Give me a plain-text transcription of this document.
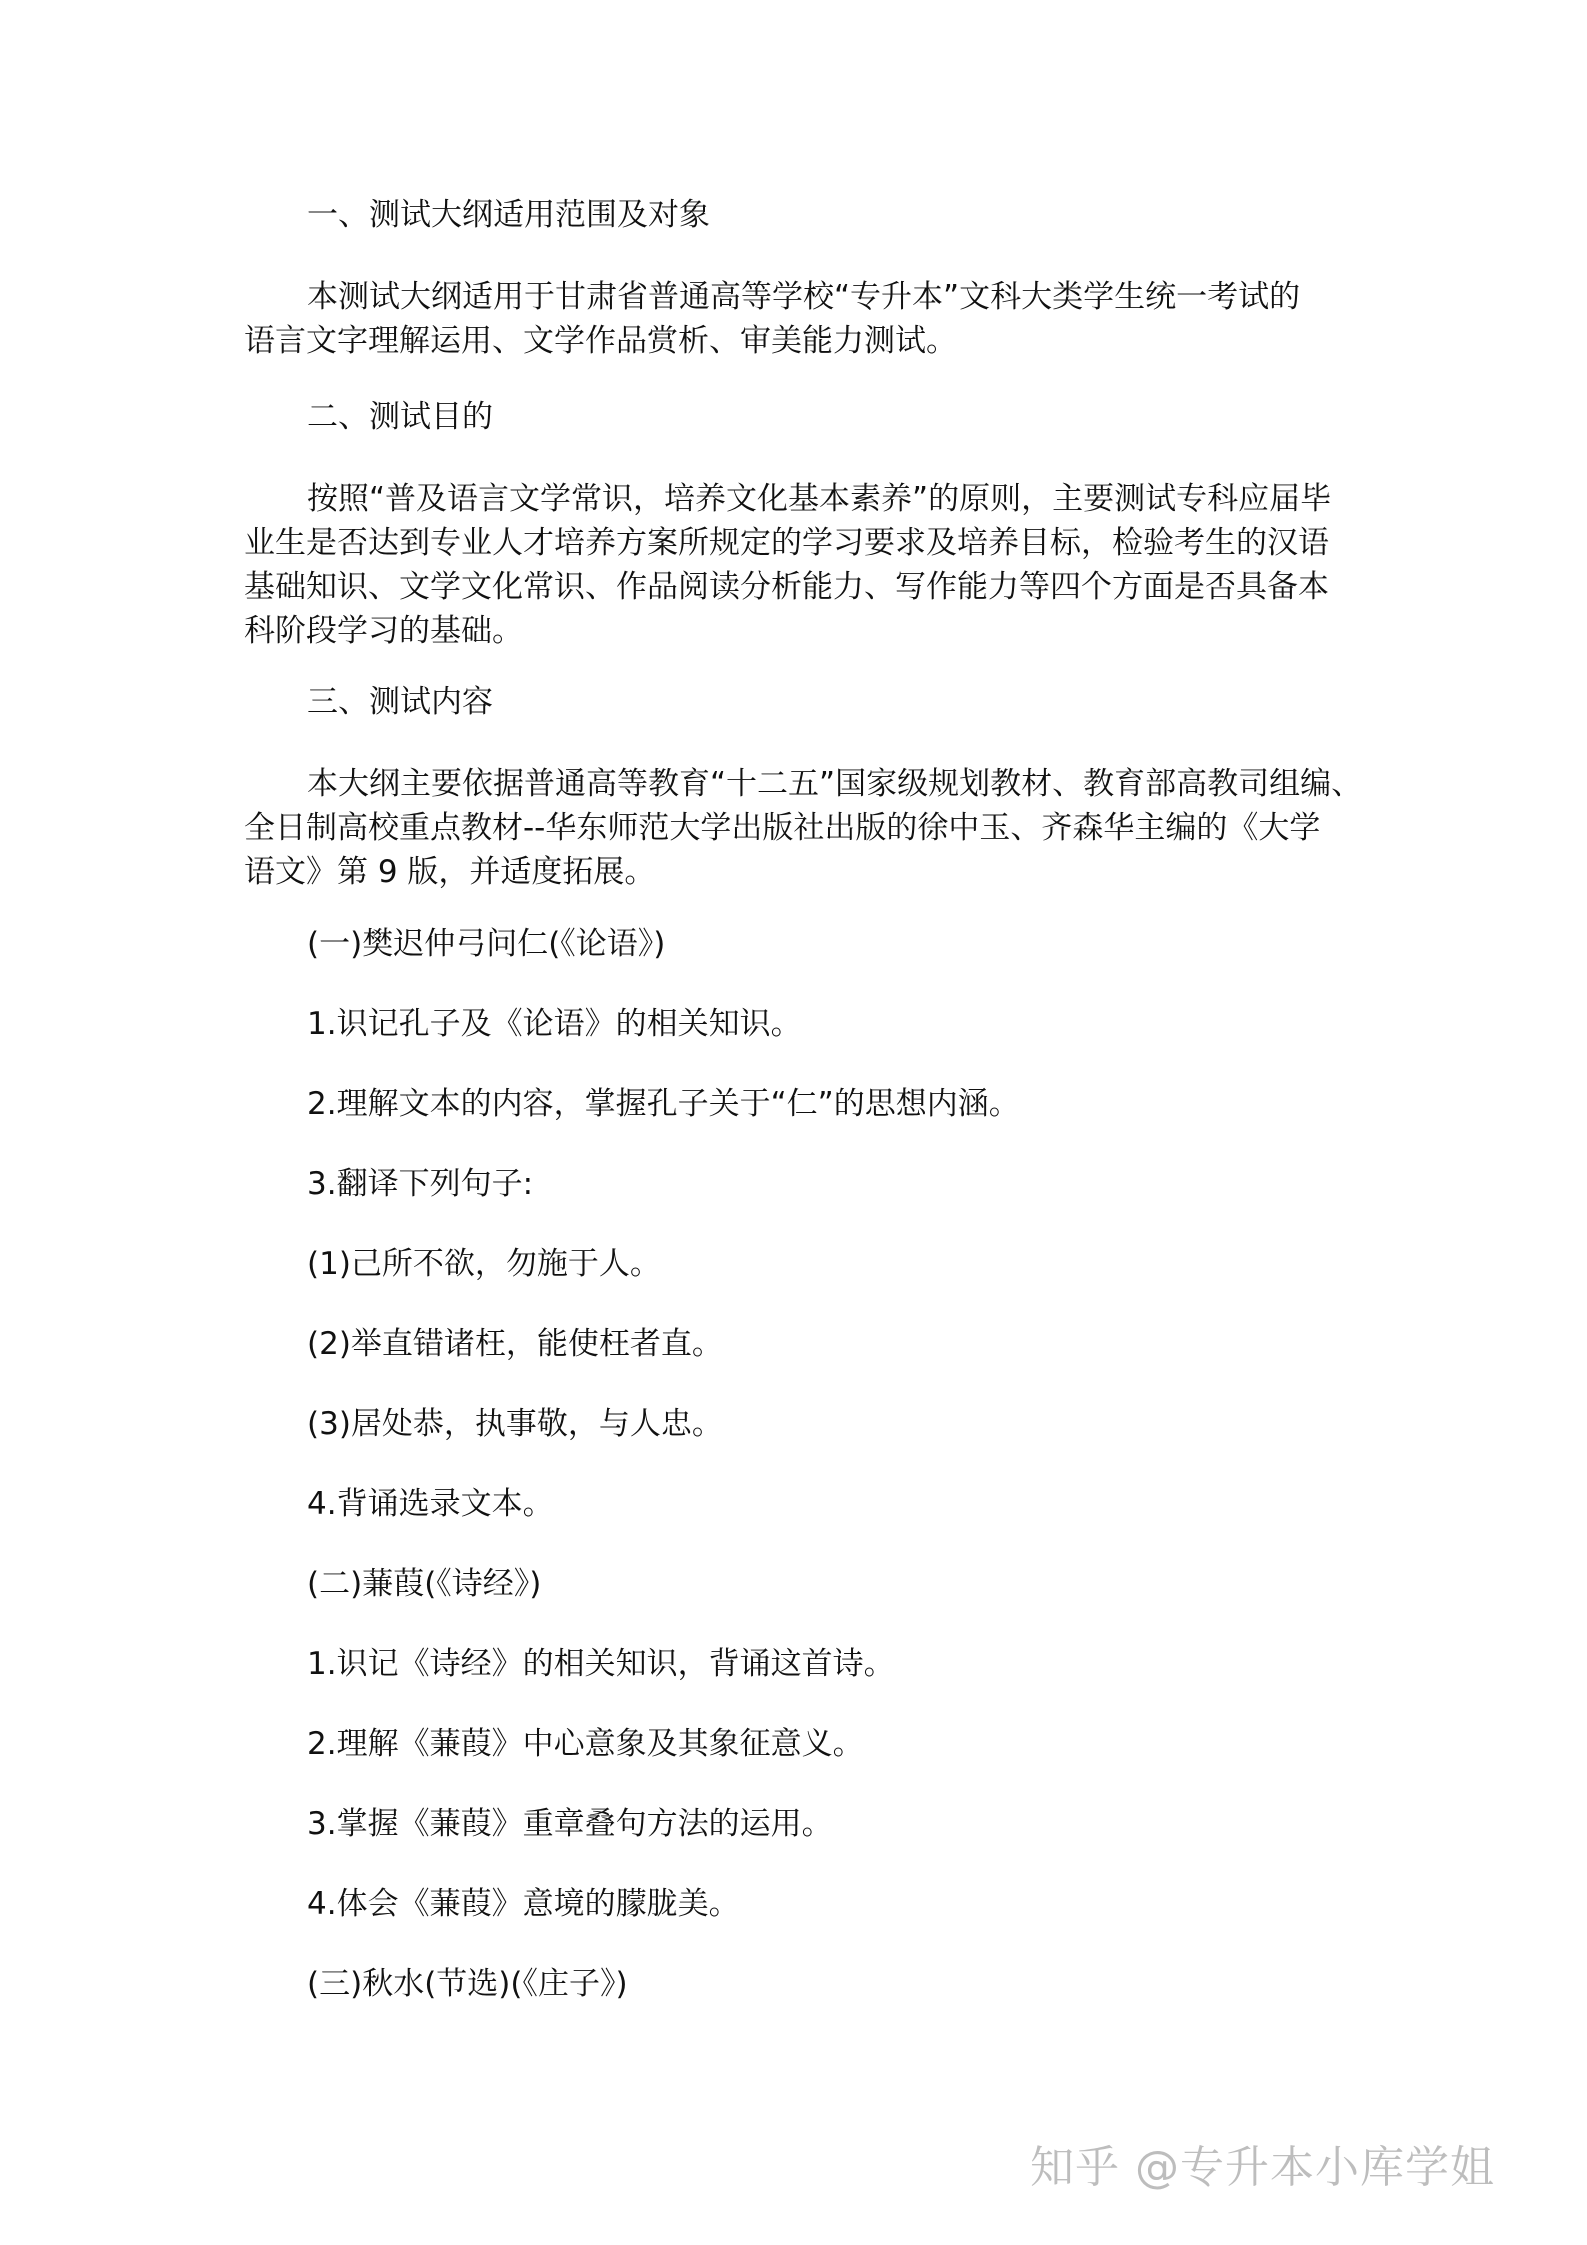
一、测试大纲适用范围及对象

本测试大纲适用于甘肃省普通高等学校“专升本”文科大类学生统一考试的

语言文字理解运用、文学作品赏析、审美能力测试。

二、测试目的

按照“普及语言文学常识，培养文化基本素养”的原则，主要测试专科应届毕

业生是否达到专业人才培养方案所规定的学习要求及培养目标，检验考生的汉语

基础知识、文学文化常识、作品阅读分析能力、写作能力等四个方面是否具备本

科阶段学习的基础。

三、测试内容

本大纲主要依据普通高等教育“十二五”国家级规划教材、教育部高教司组编、

全日制高校重点教材--华东师范大学出版社出版的徐中玉、齐森华主编的《大学

语文》第 9 版，并适度拓展。

(一)樊迟仲弓问仁(《论语》)

1.识记孔子及《论语》的相关知识。

2.理解文本的内容，掌握孔子关于“仁”的思想内涵。

3.翻译下列句子:

(1)己所不欲，勿施于人。

(2)举直错诸枉，能使枉者直。

(3)居处恭，执事敬，与人忠。

4.背诵选录文本。

(二)蒹葭(《诗经》)

1.识记《诗经》的相关知识，背诵这首诗。

2.理解《蒹葭》中心意象及其象征意义。

3.掌握《蒹葭》重章叠句方法的运用。

4.体会《蒹葭》意境的朦胧美。

(三)秋水(节选)(《庄子》)

知乎 @专升本小库学姐
